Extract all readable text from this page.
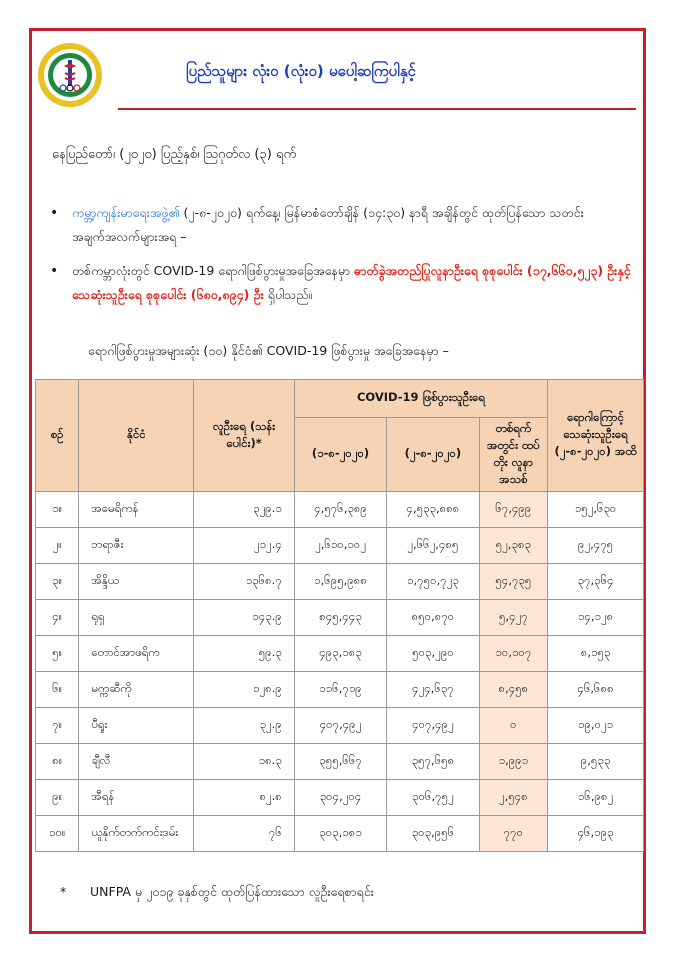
ပြည်သူများ လုံး၀ (လုံး၀) မပေါ့ဆကြပါနှင့်
နေပြည်တော်၊ (၂၀၂၀) ပြည့်နှစ်၊ ဩဂုတ်လ (၃) ရက်
• ကမ္ဘာ့ကျန်းမာရေးအဖွဲ့၏ (၂-၈-၂၀၂၀) ရက်နေ့၊ မြန်မာစံတော်ချိန် (၁၄:၃၀) နာရီ အချိန်တွင် ထုတ်ပြန်သော သတင်းအချက်အလက်များအရ –
• တစ်ကမ္ဘာလုံးတွင် COVID-19 ရောဂါဖြစ်ပွားမှုအခြေအနေမှာ ဓာတ်ခွဲအတည်ပြုလူနာဦးရေ စုစုပေါင်း (၁၇,၆၆၀,၅၂၃) ဦးနှင့် သေဆုံးသူဦးရေ စုစုပေါင်း (၆၈၀,၈၉၄) ဦး ရှိပါသည်။
ရောဂါဖြစ်ပွားမှုအများဆုံး (၁၀) နိုင်ငံ၏ COVID-19 ဖြစ်ပွားမှု အခြေအနေမှာ –
စဉ်	နိုင်ငံ	လူဦးရေ (သန်းပေါင်း)*	COVID-19 ဖြစ်ပွားသူဦးရေ			ရောဂါကြောင့် သေဆုံးသူဦးရေ (၂-၈-၂၀၂၀) အထိ
			(၁-၈-၂၀၂၀)	(၂-၈-၂၀၂၀)	တစ်ရက်အတွင်း ထပ်တိုး လူနာ အသစ်	
၁။	အမေရိကန်	၃၂၉.၁	၄,၅၇၆,၃၈၉	၄,၅၃၃,၈၈၈	၆၇,၄၉၉	၁၅၂,၆၃၀
၂။	ဘရာဇီး	၂၁၂.၄	၂,၆၁၀,၁၀၂	၂,၆၆၂,၄၈၅	၅၂,၃၈၃	၉၂,၄၇၅
၃။	အိန္ဒိယ	၁၃၆၈.၇	၁,၆၉၅,၉၈၈	၁,၇၅၀,၇၂၃	၅၄,၇၃၅	၃၇,၃၆၄
၄။	ရုရှ	၁၄၃.၉	၈၄၅,၄၄၃	၈၅၀,၈၇၀	၅,၄၂၇	၁၄,၁၂၈
၅။	တောင်အာဖရိက	၅၉.၃	၄၉၃,၁၈၃	၅၀၃,၂၉၀	၁၀,၁၀၇	၈,၁၅၃
၆။	မက္ကဆီကို	၁၂၈.၉	၁၁၆,၇၁၉	၄၂၄,၆၃၇	၈,၄၅၈	၄၆,၆၈၈
၇။	ပီရူး	၃၂.၉	၄၀၇,၄၉၂	၄၀၇,၄၉၂	၀	၁၉,၀၂၁
၈။	ချီလီ	၁၈.၃	၃၅၅,၆၆၇	၃၅၇,၆၅၈	၁,၉၉၁	၉,၅၃၃
၉။	အီရန်	၈၂.၈	၃၀၄,၂၀၄	၃၀၆,၇၅၂	၂,၅၄၈	၁၆,၉၈၂
၁၀။	ယူနိုက်တက်ကင်းဒမ်း	၇၆	၃၀၃,၁၈၁	၃၀၃,၉၅၆	၇၇၀	၄၆,၁၉၃
* UNFPA မှ ၂၀၁၉ ခုနှစ်တွင် ထုတ်ပြန်ထားသော လူဦးရေစာရင်း
